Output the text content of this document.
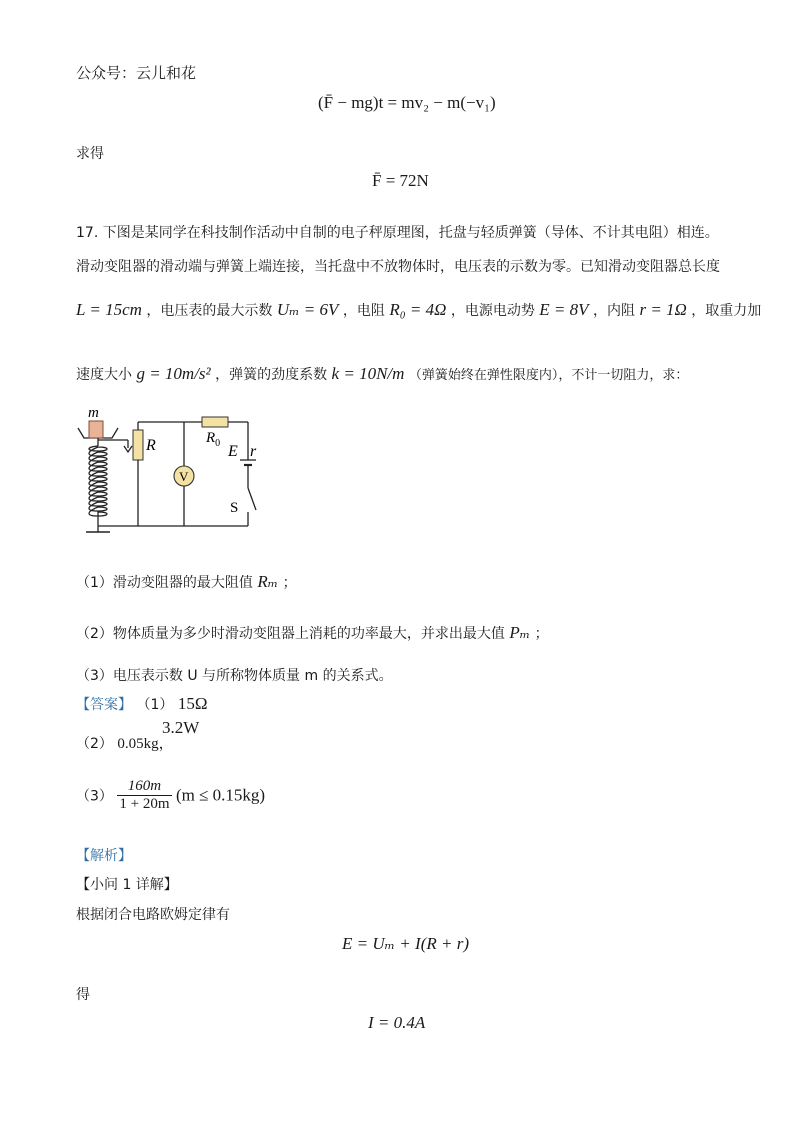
公众号：云儿和花
(F̄ − mg)t = mv₂ − m(−v₁)
求得
F̄ = 72N
17. 下图是某同学在科技制作活动中自制的电子秤原理图，托盘与轻质弹簧（导体、不计其电阻）相连。
滑动变阻器的滑动端与弹簧上端连接，当托盘中不放物体时，电压表的示数为零。已知滑动变阻器总长度
L = 15cm ，电压表的最大示数 Uₘ = 6V ，电阻 R₀ = 4Ω ，电源电动势 E = 8V ，内阻 r = 1Ω ，取重力加
速度大小 g = 10m/s² ，弹簧的劲度系数 k = 10N/m （弹簧始终在弹性限度内），不计一切阻力，求：
m
R	$R_0$
V
E r
S
（1）滑动变阻器的最大阻值 Rₘ ；
（2）物体质量为多少时滑动变阻器上消耗的功率最大，并求出最大值 Pₘ ；
（3）电压表示数 U 与所称物体质量 m 的关系式。
【答案】 （1） 15Ω
（2） 0.05kg，
3.2W
$(3) \frac{160m}{1 + 20m} (m \le 0.15kg)$
【解析】
【小问 1 详解】
根据闭合电路欧姆定律有
E = Uₘ + I(R + r)
得
I = 0.4A
